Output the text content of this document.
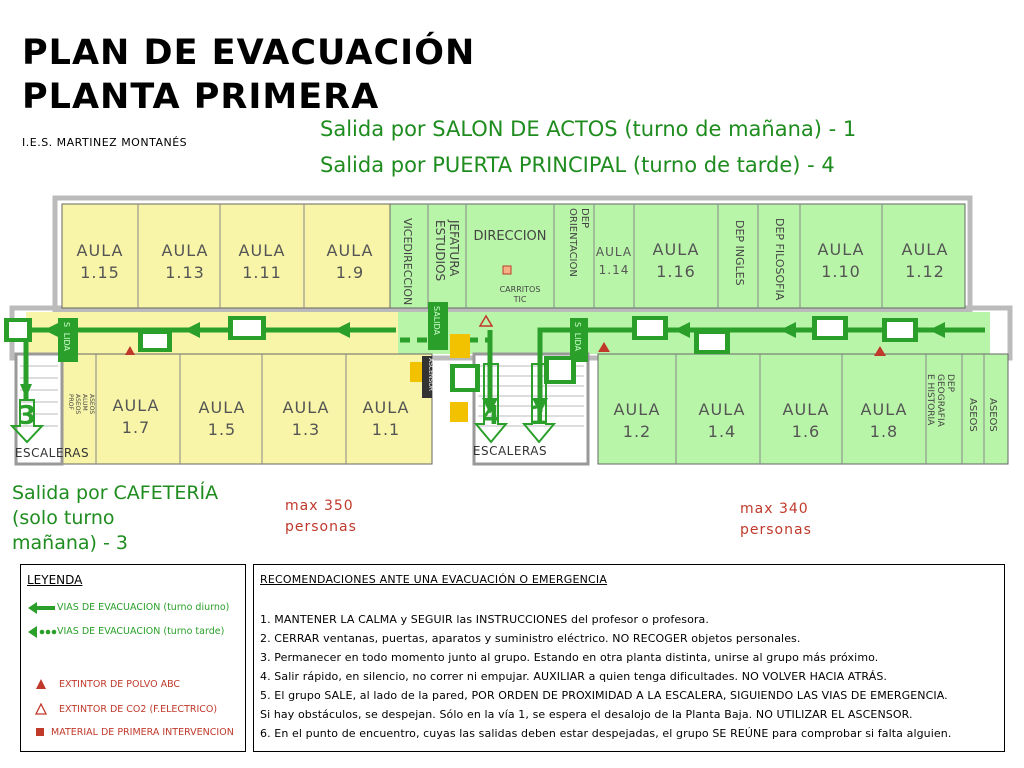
PLAN DE EVACUACIÓN
PLANTA PRIMERA
I.E.S. MARTINEZ MONTANÉS
Salida por SALON DE ACTOS (turno de mañana) - 1
Salida por PUERTA PRINCIPAL (turno de tarde) - 4
AULA
1.15
AULA
1.13
AULA
1.11
AULA
1.9
AULA
1.14
AULA
1.16
AULA
1.10
AULA
1.12
AULA
1.7
AULA
1.5
AULA
1.3
AULA
1.1
AULA
1.2
AULA
1.4
AULA
1.6
AULA
1.8
VICEDIRECCION	JEFATURA
ESTUDIOS DIRECCION
DEP
ORIENTACION	DEP INGLES DEP FILOSOFIA
CARRITOS
TIC
DEP
GEOGRAFIA
E HISTORIA	ASEOS ASEOS
ASEOS
ALUM
ASEOS
PROF
ASCENSOR
SALIDA
SALIDA
SALIDA
4 1
3
ESCALERAS	ESCALERAS
Salida por CAFETERÍA
(solo turno
mañana) - 3
max 350
personas
max 340
personas
LEYENDA
VIAS DE EVACUACION (turno diurno)
VIAS DE EVACUACION (turno tarde)
EXTINTOR DE POLVO ABC
EXTINTOR DE CO2 (F.ELECTRICO)
MATERIAL DE PRIMERA INTERVENCION
RECOMENDACIONES ANTE UNA EVACUACIÓN O EMERGENCIA
1. MANTENER LA CALMA y SEGUIR las INSTRUCCIONES del profesor o profesora.
2. CERRAR ventanas, puertas, aparatos y suministro eléctrico. NO RECOGER objetos personales.
3. Permanecer en todo momento junto al grupo. Estando en otra planta distinta, unirse al grupo más próximo.
4. Salir rápido, en silencio, no correr ni empujar. AUXILIAR a quien tenga dificultades. NO VOLVER HACIA ATRÁS.
5. El grupo SALE, al lado de la pared, POR ORDEN DE PROXIMIDAD A LA ESCALERA, SIGUIENDO LAS VIAS DE EMERGENCIA.
Si hay obstáculos, se despejan. Sólo en la vía 1, se espera el desalojo de la Planta Baja. NO UTILIZAR EL ASCENSOR.
6. En el punto de encuentro, cuyas las salidas deben estar despejadas, el grupo SE REÚNE para comprobar si falta alguien.
